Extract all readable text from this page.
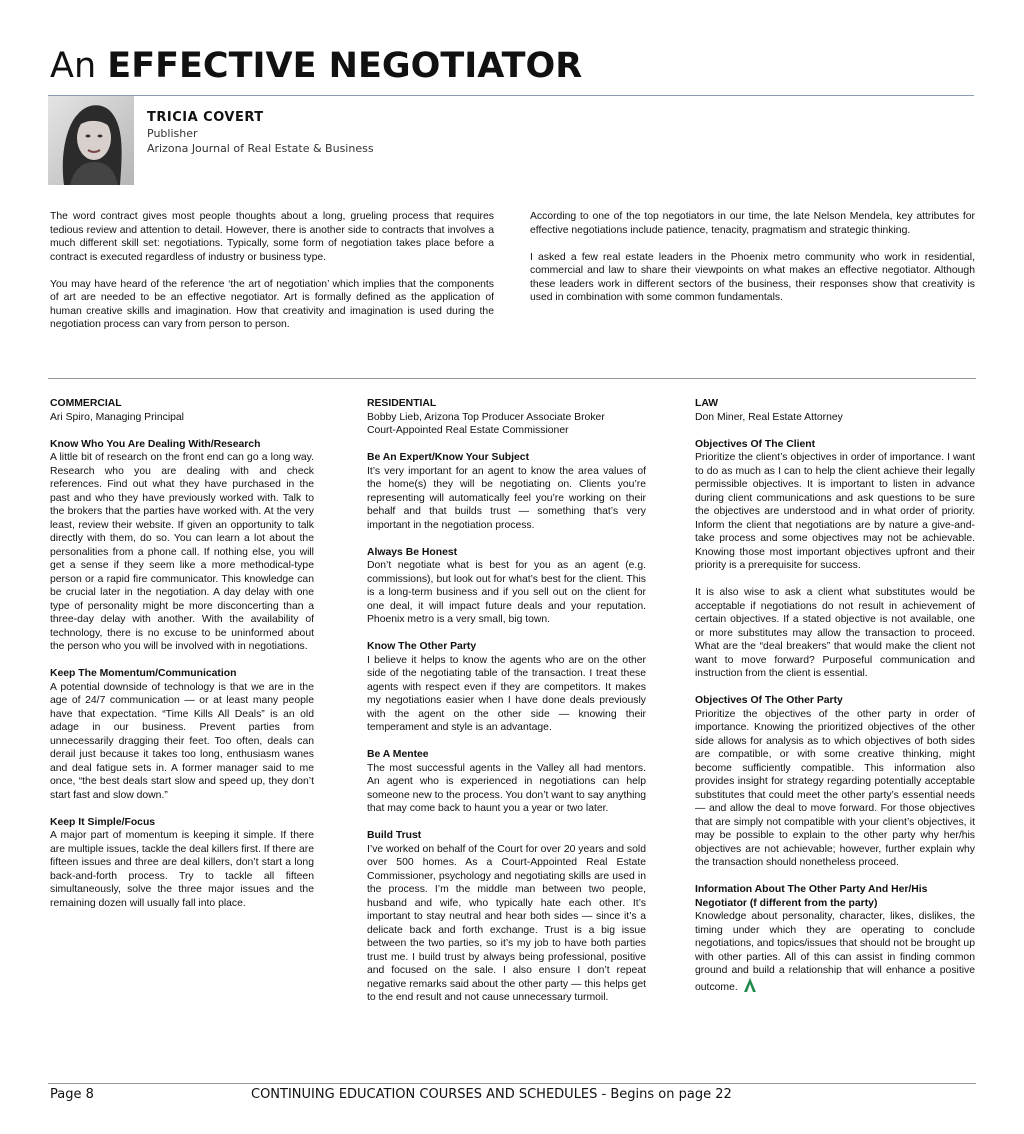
An EFFECTIVE NEGOTIATOR
TRICIA COVERT
Publisher
Arizona Journal of Real Estate & Business

The word contract gives most people thoughts about a long, grueling process that requires tedious review and attention to detail. However, there is another side to contracts that involves a much different skill set: negotiations. Typically, some form of negotiation takes place before a contract is executed regardless of industry or business type.

You may have heard of the reference ‘the art of negotiation’ which implies that the components of art are needed to be an effective negotiator. Art is formally defined as the application of human creative skills and imagination. How that creativity and imagination is used during the negotiation process can vary from person to person.

According to one of the top negotiators in our time, the late Nelson Mendela, key attributes for effective negotiations include patience, tenacity, pragmatism and strategic thinking.

I asked a few real estate leaders in the Phoenix metro community who work in residential, commercial and law to share their viewpoints on what makes an effective negotiator. Although these leaders work in different sectors of the business, their responses show that creativity is used in combination with some common fundamentals.

COMMERCIAL

Ari Spiro, Managing Principal

Know Who You Are Dealing With/Research

A little bit of research on the front end can go a long way. Research who you are dealing with and check references. Find out what they have purchased in the past and who they have previously worked with. Talk to the brokers that the parties have worked with. At the very least, review their website. If given an opportunity to talk directly with them, do so. You can learn a lot about the personalities from a phone call. If nothing else, you will get a sense if they seem like a more methodical-type person or a rapid fire communicator. This knowledge can be crucial later in the negotiation. A day delay with one type of personality might be more disconcerting than a three-day delay with another. With the availability of technology, there is no excuse to be uninformed about the person who you will be involved with in negotiations.

Keep The Momentum/Communication

A potential downside of technology is that we are in the age of 24/7 communication — or at least many people have that expectation. “Time Kills All Deals” is an old adage in our business. Prevent parties from unnecessarily dragging their feet. Too often, deals can derail just because it takes too long, enthusiasm wanes and deal fatigue sets in. A former manager said to me once, “the best deals start slow and speed up, they don’t start fast and slow down.”

Keep It Simple/Focus

A major part of momentum is keeping it simple. If there are multiple issues, tackle the deal killers first. If there are fifteen issues and three are deal killers, don’t start a long back-and-forth process. Try to tackle all fifteen simultaneously, solve the three major issues and the remaining dozen will usually fall into place.

RESIDENTIAL

Bobby Lieb, Arizona Top Producer Associate Broker

Court-Appointed Real Estate Commissioner

Be An Expert/Know Your Subject

It’s very important for an agent to know the area values of the home(s) they will be negotiating on. Clients you’re representing will automatically feel you’re working on their behalf and that builds trust — something that’s very important in the negotiation process.

Always Be Honest

Don’t negotiate what is best for you as an agent (e.g. commissions), but look out for what’s best for the client. This is a long-term business and if you sell out on the client for one deal, it will impact future deals and your reputation. Phoenix metro is a very small, big town.

Know The Other Party

I believe it helps to know the agents who are on the other side of the negotiating table of the transaction. I treat these agents with respect even if they are competitors. It makes my negotiations easier when I have done deals previously with the agent on the other side — knowing their temperament and style is an advantage.

Be A Mentee

The most successful agents in the Valley all had mentors. An agent who is experienced in negotiations can help someone new to the process. You don’t want to say anything that may come back to haunt you a year or two later.

Build Trust

I’ve worked on behalf of the Court for over 20 years and sold over 500 homes. As a Court-Appointed Real Estate Commissioner, psychology and negotiating skills are used in the process. I’m the middle man between two people, husband and wife, who typically hate each other. It’s important to stay neutral and hear both sides — since it’s a delicate back and forth exchange. Trust is a big issue between the two parties, so it’s my job to have both parties trust me. I build trust by always being professional, positive and focused on the sale. I also ensure I don’t repeat negative remarks said about the other party — this helps get to the end result and not cause unnecessary turmoil.

LAW

Don Miner, Real Estate Attorney

Objectives Of The Client

Prioritize the client’s objectives in order of importance. I want to do as much as I can to help the client achieve their legally permissible objectives. It is important to listen in advance during client communications and ask questions to be sure the objectives are understood and in what order of priority. Inform the client that negotiations are by nature a give-and-take process and some objectives may not be achievable. Knowing those most important objectives upfront and their priority is a prerequisite for success.

It is also wise to ask a client what substitutes would be acceptable if negotiations do not result in achievement of certain objectives. If a stated objective is not available, one or more substitutes may allow the transaction to proceed. What are the “deal breakers” that would make the client not want to move forward? Purposeful communication and instruction from the client is essential.

Objectives Of The Other Party

Prioritize the objectives of the other party in order of importance. Knowing the prioritized objectives of the other side allows for analysis as to which objectives of both sides are compatible, or with some creative thinking, might become sufficiently compatible. This information also provides insight for strategy regarding potentially acceptable substitutes that could meet the other party’s essential needs — and allow the deal to move forward. For those objectives that are simply not compatible with your client’s objectives, it may be possible to explain to the other party why her/his objectives are not achievable; however, further explain why the transaction should nonetheless proceed.

Information About The Other Party And Her/His Negotiator (f different from the party)

Knowledge about personality, character, likes, dislikes, the timing under which they are operating to conclude negotiations, and topics/issues that should not be brought up with other parties. All of this can assist in finding common ground and build a relationship that will enhance a positive outcome.

Page 8	CONTINUING EDUCATION COURSES AND SCHEDULES - Begins on page 22
